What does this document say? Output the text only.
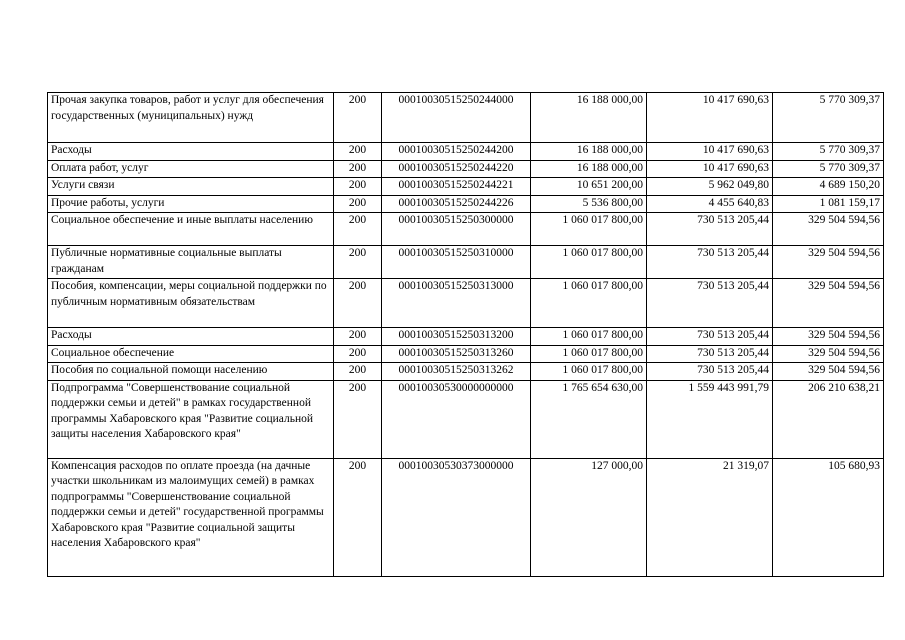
Прочая закупка товаров, работ и услуг для обеспечения государственных (муниципальных) нужд	200	00010030515250244000	16 188 000,00	10 417 690,63	5 770 309,37
Расходы	200	00010030515250244200	16 188 000,00	10 417 690,63	5 770 309,37
Оплата работ, услуг	200	00010030515250244220	16 188 000,00	10 417 690,63	5 770 309,37
Услуги связи	200	00010030515250244221	10 651 200,00	5 962 049,80	4 689 150,20
Прочие работы, услуги	200	00010030515250244226	5 536 800,00	4 455 640,83	1 081 159,17
Социальное обеспечение и иные выплаты населению	200	00010030515250300000	1 060 017 800,00	730 513 205,44	329 504 594,56
Публичные нормативные социальные выплаты гражданам	200	00010030515250310000	1 060 017 800,00	730 513 205,44	329 504 594,56
Пособия, компенсации, меры социальной поддержки по публичным нормативным обязательствам	200	00010030515250313000	1 060 017 800,00	730 513 205,44	329 504 594,56
Расходы	200	00010030515250313200	1 060 017 800,00	730 513 205,44	329 504 594,56
Социальное обеспечение	200	00010030515250313260	1 060 017 800,00	730 513 205,44	329 504 594,56
Пособия по социальной помощи населению	200	00010030515250313262	1 060 017 800,00	730 513 205,44	329 504 594,56
Подпрограмма "Совершенствование социальной поддержки семьи и детей" в рамках государственной программы Хабаровского края "Развитие социальной защиты населения Хабаровского края"	200	00010030530000000000	1 765 654 630,00	1 559 443 991,79	206 210 638,21
Компенсация расходов по оплате проезда (на дачные участки школьникам из малоимущих семей) в рамках подпрограммы "Совершенствование социальной поддержки семьи и детей" государственной программы Хабаровского края "Развитие социальной защиты населения Хабаровского края"	200	00010030530373000000	127 000,00	21 319,07	105 680,93
